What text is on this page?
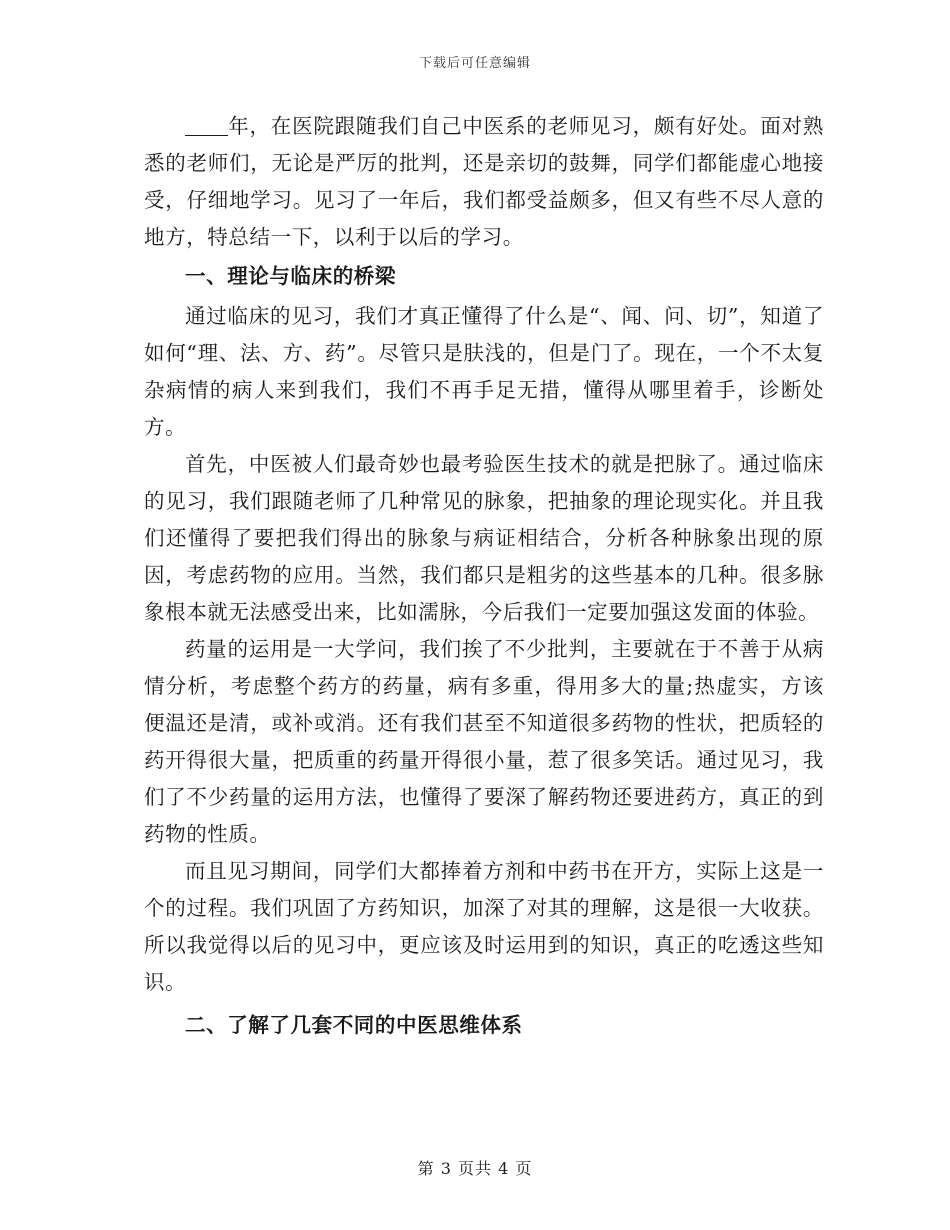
下载后可任意编辑

年，在医院跟随我们自己中医系的老师见习，颇有好处。面对熟悉的老师们，无论是严厉的批判，还是亲切的鼓舞，同学们都能虚心地接受，仔细地学习。见习了一年后，我们都受益颇多，但又有些不尽人意的地方，特总结一下，以利于以后的学习。

一、理论与临床的桥梁

通过临床的见习，我们才真正懂得了什么是“、闻、问、切”，知道了如何“理、法、方、药”。尽管只是肤浅的，但是门了。现在，一个不太复杂病情的病人来到我们，我们不再手足无措，懂得从哪里着手，诊断处方。

首先，中医被人们最奇妙也最考验医生技术的就是把脉了。通过临床的见习，我们跟随老师了几种常见的脉象，把抽象的理论现实化。并且我们还懂得了要把我们得出的脉象与病证相结合，分析各种脉象出现的原因，考虑药物的应用。当然，我们都只是粗劣的这些基本的几种。很多脉象根本就无法感受出来，比如濡脉，今后我们一定要加强这发面的体验。

药量的运用是一大学问，我们挨了不少批判，主要就在于不善于从病情分析，考虑整个药方的药量，病有多重，得用多大的量;热虚实，方该便温还是清，或补或消。还有我们甚至不知道很多药物的性状，把质轻的药开得很大量，把质重的药量开得很小量，惹了很多笑话。通过见习，我们了不少药量的运用方法，也懂得了要深了解药物还要进药方，真正的到药物的性质。

而且见习期间，同学们大都捧着方剂和中药书在开方，实际上这是一个的过程。我们巩固了方药知识，加深了对其的理解，这是很一大收获。所以我觉得以后的见习中，更应该及时运用到的知识，真正的吃透这些知识。

二、了解了几套不同的中医思维体系

第 3 页共 4 页
